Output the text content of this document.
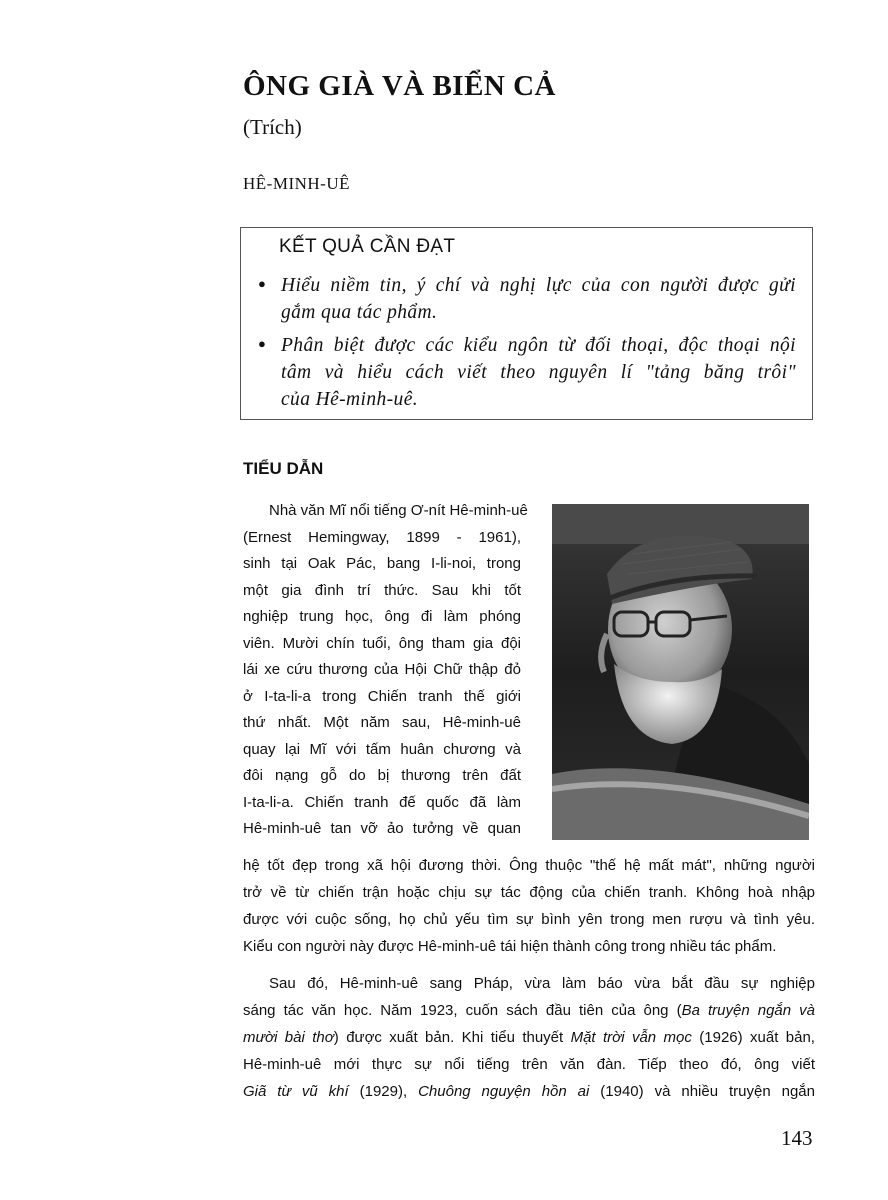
ÔNG GIÀ VÀ BIỂN CẢ
(Trích)
HÊ-MINH-UÊ
KẾT QUẢ CẦN ĐẠT
● Hiểu niềm tin, ý chí và nghị lực của con người được gửi
gắm qua tác phẩm.
● Phân biệt được các kiểu ngôn từ đối thoại, độc thoại nội
tâm và hiểu cách viết theo nguyên lí "tảng băng trôi"
của Hê-minh-uê.
TIỂU DẪN
Nhà văn Mĩ nổi tiếng Ơ-nít Hê-minh-uê
(Ernest Hemingway, 1899 - 1961),
sinh tại Oak Pác, bang I-li-noi, trong
một gia đình trí thức. Sau khi tốt
nghiệp trung học, ông đi làm phóng
viên. Mười chín tuổi, ông tham gia đội
lái xe cứu thương của Hội Chữ thập đỏ
ở I-ta-li-a trong Chiến tranh thế giới
thứ nhất. Một năm sau, Hê-minh-uê
quay lại Mĩ với tấm huân chương và
đôi nạng gỗ do bị thương trên đất
I-ta-li-a. Chiến tranh đế quốc đã làm
Hê-minh-uê tan vỡ ảo tưởng về quan
hệ tốt đẹp trong xã hội đương thời. Ông thuộc "thế hệ mất mát", những người
trở về từ chiến trận hoặc chịu sự tác động của chiến tranh. Không hoà nhập
được với cuộc sống, họ chủ yếu tìm sự bình yên trong men rượu và tình yêu.
Kiểu con người này được Hê-minh-uê tái hiện thành công trong nhiều tác phẩm.
Sau đó, Hê-minh-uê sang Pháp, vừa làm báo vừa bắt đầu sự nghiệp
sáng tác văn học. Năm 1923, cuốn sách đầu tiên của ông (Ba truyện ngắn và
mười bài thơ) được xuất bản. Khi tiểu thuyết Mặt trời vẫn mọc (1926) xuất bản,
Hê-minh-uê mới thực sự nổi tiếng trên văn đàn. Tiếp theo đó, ông viết
Giã từ vũ khí (1929), Chuông nguyện hồn ai (1940) và nhiều truyện ngắn
143
